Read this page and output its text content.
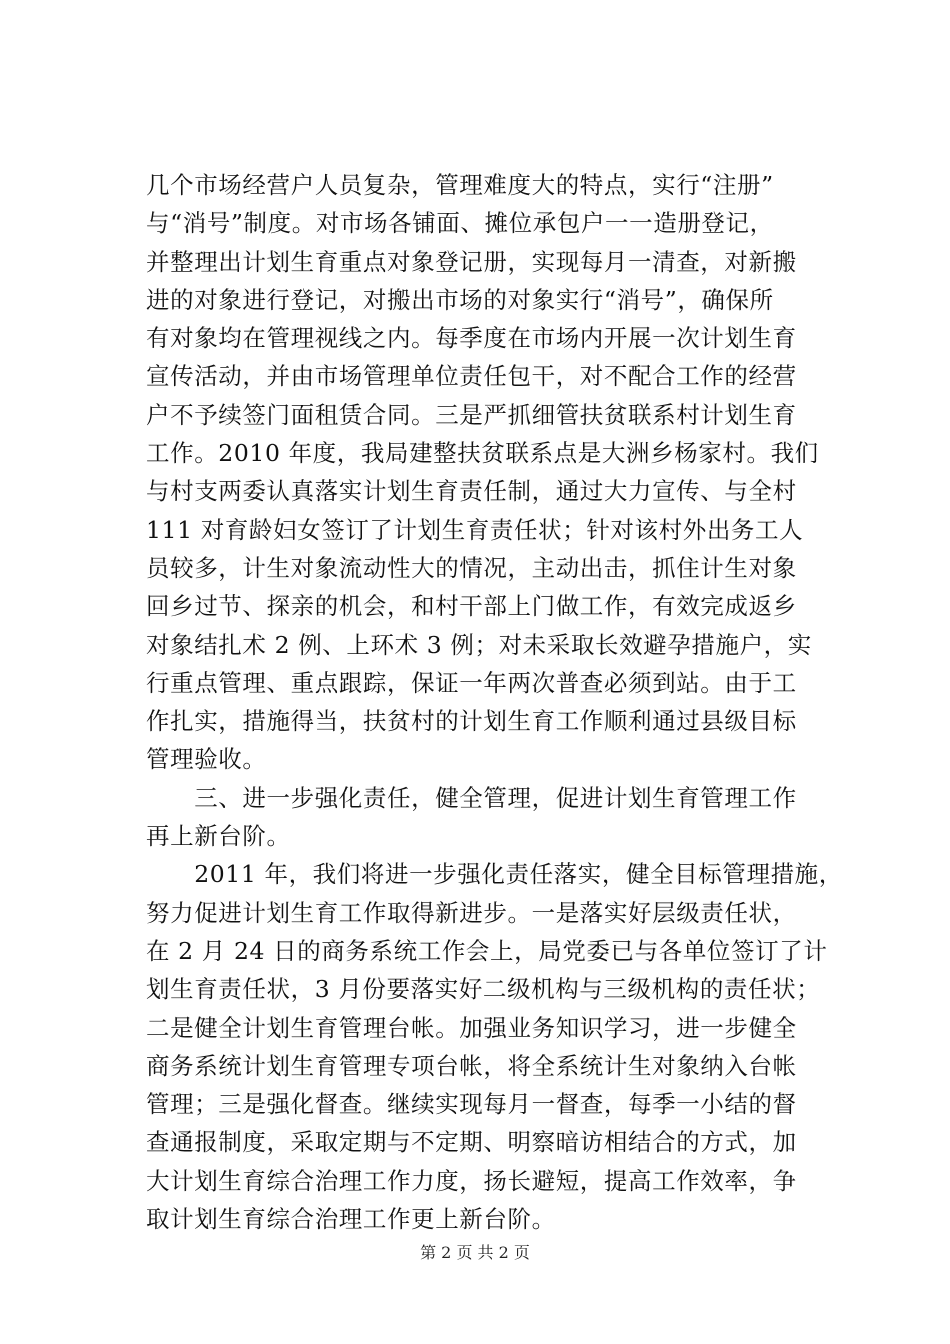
几个市场经营户人员复杂，管理难度大的特点，实行“注册”
与“消号”制度。对市场各铺面、摊位承包户一一造册登记，
并整理出计划生育重点对象登记册，实现每月一清查，对新搬
进的对象进行登记，对搬出市场的对象实行“消号”，确保所
有对象均在管理视线之内。每季度在市场内开展一次计划生育
宣传活动，并由市场管理单位责任包干，对不配合工作的经营
户不予续签门面租赁合同。三是严抓细管扶贫联系村计划生育
工作。2010 年度，我局建整扶贫联系点是大洲乡杨家村。我们
与村支两委认真落实计划生育责任制，通过大力宣传、与全村
111 对育龄妇女签订了计划生育责任状；针对该村外出务工人
员较多，计生对象流动性大的情况，主动出击，抓住计生对象
回乡过节、探亲的机会，和村干部上门做工作，有效完成返乡
对象结扎术 2 例、上环术 3 例；对未采取长效避孕措施户，实
行重点管理、重点跟踪，保证一年两次普查必须到站。由于工
作扎实，措施得当，扶贫村的计划生育工作顺利通过县级目标
管理验收。
　　三、进一步强化责任，健全管理，促进计划生育管理工作
再上新台阶。
　　2011 年，我们将进一步强化责任落实，健全目标管理措施，
努力促进计划生育工作取得新进步。一是落实好层级责任状，
在 2 月 24 日的商务系统工作会上，局党委已与各单位签订了计
划生育责任状，3 月份要落实好二级机构与三级机构的责任状；
二是健全计划生育管理台帐。加强业务知识学习，进一步健全
商务系统计划生育管理专项台帐，将全系统计生对象纳入台帐
管理；三是强化督查。继续实现每月一督查，每季一小结的督
查通报制度，采取定期与不定期、明察暗访相结合的方式，加
大计划生育综合治理工作力度，扬长避短，提高工作效率，争
取计划生育综合治理工作更上新台阶。
第 2 页 共 2 页
